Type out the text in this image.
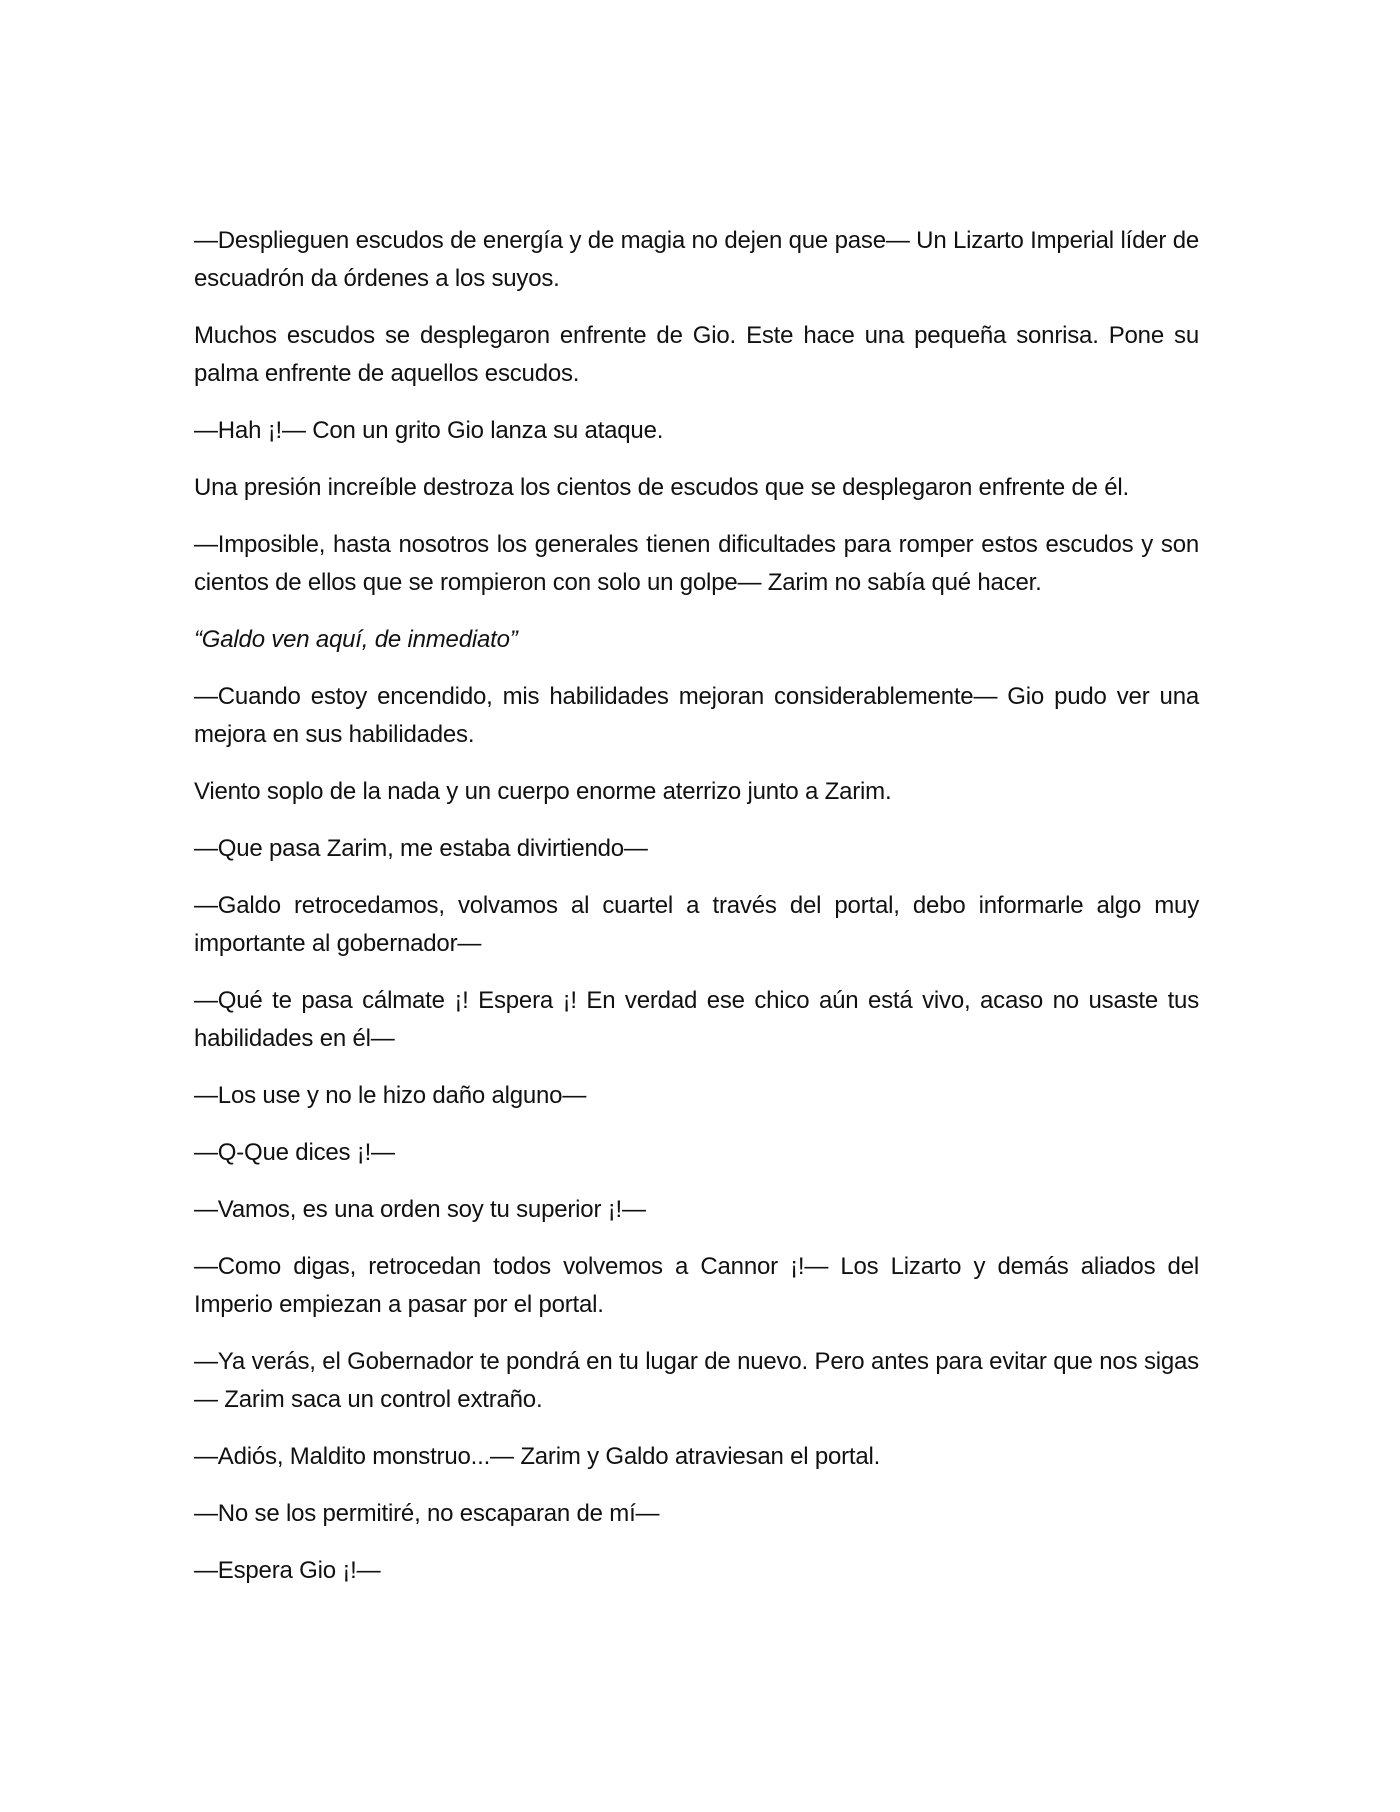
—Desplieguen escudos de energía y de magia no dejen que pase— Un Lizarto Imperial líder de escuadrón da órdenes a los suyos.

Muchos escudos se desplegaron enfrente de Gio. Este hace una pequeña sonrisa. Pone su palma enfrente de aquellos escudos.

—Hah ¡!— Con un grito Gio lanza su ataque.

Una presión increíble destroza los cientos de escudos que se desplegaron enfrente de él.

—Imposible, hasta nosotros los generales tienen dificultades para romper estos escudos y son cientos de ellos que se rompieron con solo un golpe— Zarim no sabía qué hacer.

“Galdo ven aquí, de inmediato”

—Cuando estoy encendido, mis habilidades mejoran considerablemente— Gio pudo ver una mejora en sus habilidades.

Viento soplo de la nada y un cuerpo enorme aterrizo junto a Zarim.

—Que pasa Zarim, me estaba divirtiendo—

—Galdo retrocedamos, volvamos al cuartel a través del portal, debo informarle algo muy importante al gobernador—

—Qué te pasa cálmate ¡! Espera ¡! En verdad ese chico aún está vivo, acaso no usaste tus habilidades en él—

—Los use y no le hizo daño alguno—

—Q-Que dices ¡!—

—Vamos, es una orden soy tu superior ¡!—

—Como digas, retrocedan todos volvemos a Cannor ¡!— Los Lizarto y demás aliados del Imperio empiezan a pasar por el portal.

—Ya verás, el Gobernador te pondrá en tu lugar de nuevo. Pero antes para evitar que nos sigas— Zarim saca un control extraño.

—Adiós, Maldito monstruo...— Zarim y Galdo atraviesan el portal.

—No se los permitiré, no escaparan de mí—

—Espera Gio ¡!—
